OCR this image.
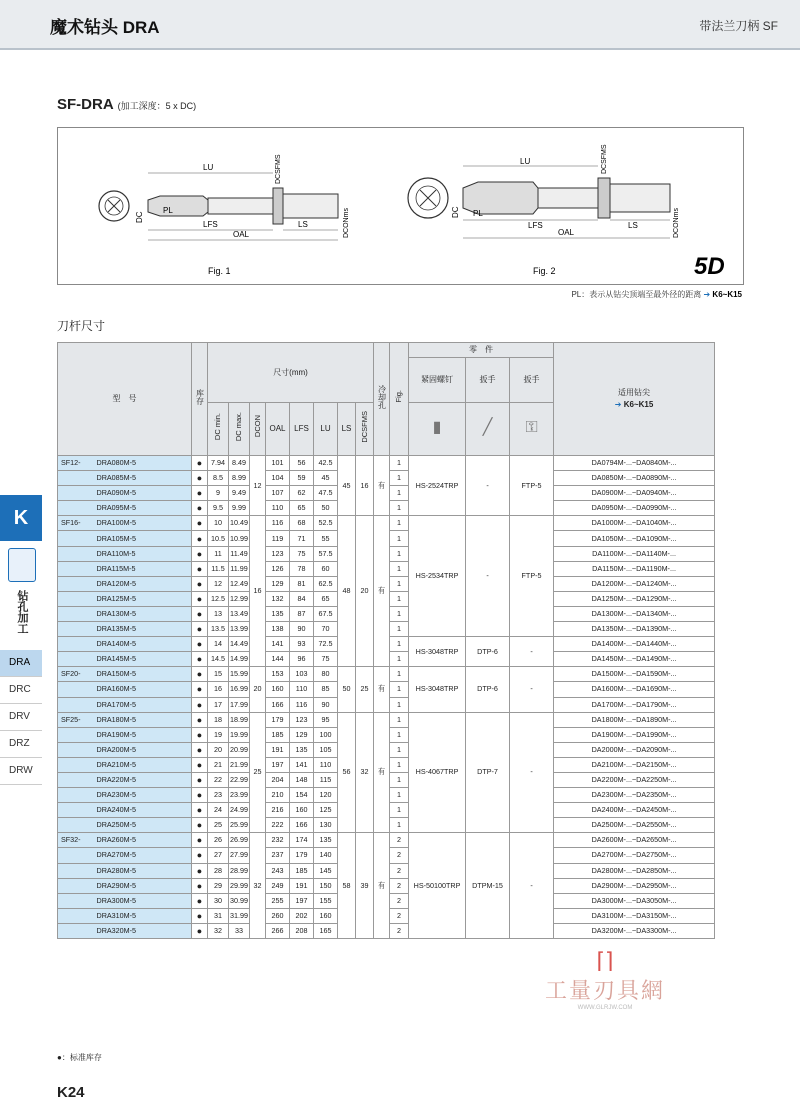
魔术钻头 DRA	带法兰刀柄 SF
SF-DRA (加工深度：5 x DC)
LU
PL
LFS	LS
OAL
DC
DCSFMS
DCONms
Fig. 1
LU
PL
LFS	LS
OAL
DC
DCSFMS
DCONms
Fig. 2	5D
PL：表示从钻尖顶端至最外径的距离 ➔ K6~K15
刀杆尺寸
型　号		库存	尺寸(mm)								冷却孔	Fig.	零　件			适用钻尖
➔ K6~K15

													紧固螺钉	扳手	扳手	
			DC min.	DC max.	DCON	OAL	LFS	LU	LS	DCSFMS			▮	╱	⚿	
SF12-	DRA080M-5	●	7.94	8.49	12	101	56	42.5	45	16	有	1	HS-2524TRP	-	FTP-5	DA0794M-...~DA0840M-...
	DRA085M-5	●	8.5	8.99		104	59	45				1				DA0850M-...~DA0890M-...
	DRA090M-5	●	9	9.49		107	62	47.5				1				DA0900M-...~DA0940M-...
	DRA095M-5	●	9.5	9.99		110	65	50				1				DA0950M-...~DA0990M-...
SF16-	DRA100M-5	●	10	10.49	16	116	68	52.5	48	20	有	1	HS-2534TRP	-	FTP-5	DA1000M-...~DA1040M-...
	DRA105M-5	●	10.5	10.99		119	71	55				1				DA1050M-...~DA1090M-...
	DRA110M-5	●	11	11.49		123	75	57.5				1				DA1100M-...~DA1140M-...
	DRA115M-5	●	11.5	11.99		126	78	60				1				DA1150M-...~DA1190M-...
	DRA120M-5	●	12	12.49		129	81	62.5				1				DA1200M-...~DA1240M-...
	DRA125M-5	●	12.5	12.99		132	84	65				1				DA1250M-...~DA1290M-...
	DRA130M-5	●	13	13.49		135	87	67.5				1				DA1300M-...~DA1340M-...
	DRA135M-5	●	13.5	13.99		138	90	70				1				DA1350M-...~DA1390M-...
	DRA140M-5	●	14	14.49		141	93	72.5				1	HS-3048TRP	DTP-6	-	DA1400M-...~DA1440M-...
	DRA145M-5	●	14.5	14.99		144	96	75				1				DA1450M-...~DA1490M-...
SF20-	DRA150M-5	●	15	15.99	20	153	103	80	50	25	有	1	HS-3048TRP	DTP-6	-	DA1500M-...~DA1590M-...
	DRA160M-5	●	16	16.99		160	110	85				1				DA1600M-...~DA1690M-...
	DRA170M-5	●	17	17.99		166	116	90				1				DA1700M-...~DA1790M-...
SF25-	DRA180M-5	●	18	18.99	25	179	123	95	56	32	有	1	HS-4067TRP	DTP-7	-	DA1800M-...~DA1890M-...
	DRA190M-5	●	19	19.99		185	129	100				1				DA1900M-...~DA1990M-...
	DRA200M-5	●	20	20.99		191	135	105				1				DA2000M-...~DA2090M-...
	DRA210M-5	●	21	21.99		197	141	110				1				DA2100M-...~DA2150M-...
	DRA220M-5	●	22	22.99		204	148	115				1				DA2200M-...~DA2250M-...
	DRA230M-5	●	23	23.99		210	154	120				1				DA2300M-...~DA2350M-...
	DRA240M-5	●	24	24.99		216	160	125				1				DA2400M-...~DA2450M-...
	DRA250M-5	●	25	25.99		222	166	130				1				DA2500M-...~DA2550M-...
SF32-	DRA260M-5	●	26	26.99	32	232	174	135	58	39	有	2	HS-50100TRP	DTPM-15	-	DA2600M-...~DA2650M-...
	DRA270M-5	●	27	27.99		237	179	140				2				DA2700M-...~DA2750M-...
	DRA280M-5	●	28	28.99		243	185	145				2				DA2800M-...~DA2850M-...
	DRA290M-5	●	29	29.99		249	191	150				2				DA2900M-...~DA2950M-...
	DRA300M-5	●	30	30.99		255	197	155				2				DA3000M-...~DA3050M-...
	DRA310M-5	●	31	31.99		260	202	160				2				DA3100M-...~DA3150M-...
	DRA320M-5	●	32	33		266	208	165				2				DA3200M-...~DA3300M-...
K
钻孔加工
DRA
DRC
DRV
DRZ
DRW
●：标准库存
K24
⌈⌉
工量刃具網
WWW.GLRJW.COM
